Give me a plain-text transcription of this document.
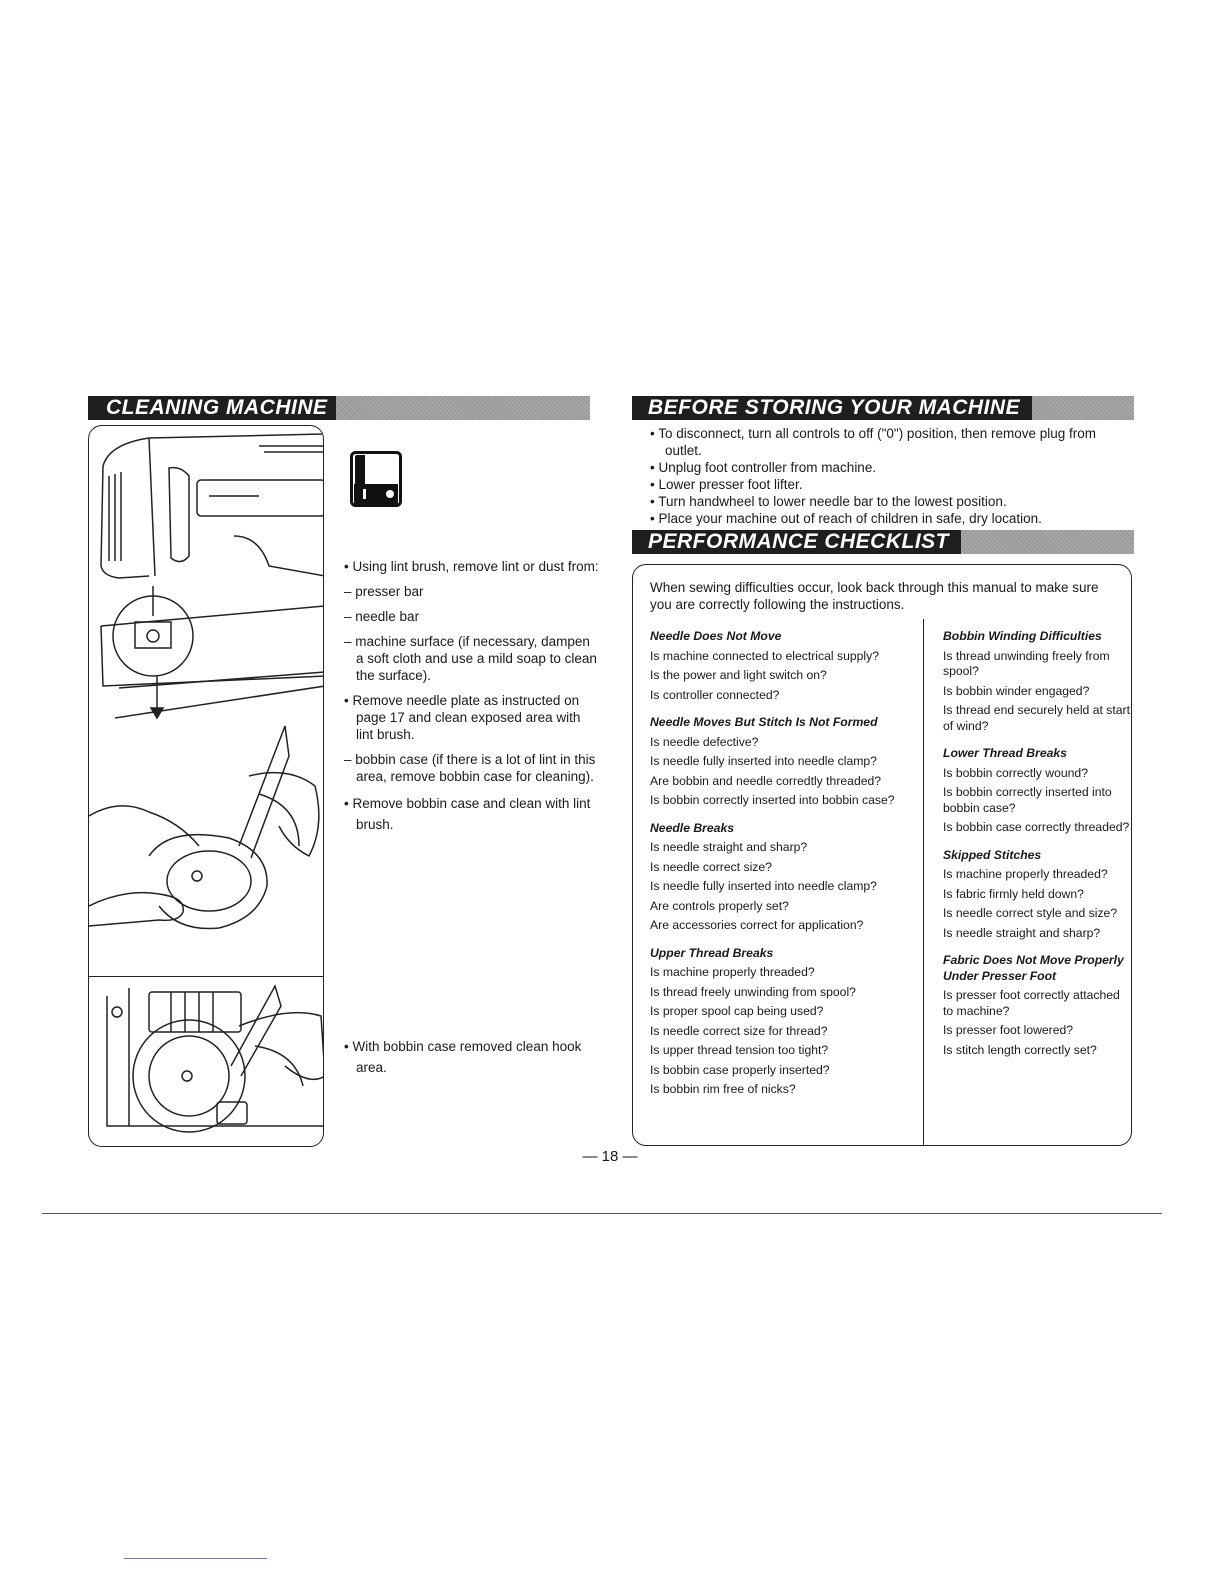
CLEANING MACHINE	BEFORE STORING YOUR MACHINE
PERFORMANCE CHECKLIST

• Using lint brush, remove lint or dust from:

– presser bar

– needle bar

– machine surface (if necessary, dampen a soft cloth and use a mild soap to clean the surface).

• Remove needle plate as instructed on page 17 and clean exposed area with lint brush.

– bobbin case (if there is a lot of lint in this area, remove bobbin case for cleaning).

• Remove bobbin case and clean with lint brush.

• With bobbin case removed clean hook area.

• To disconnect, turn all controls to off ("0") position, then remove plug from outlet.
• Unplug foot controller from machine.
• Lower presser foot lifter.
• Turn handwheel to lower needle bar to the lowest position.
• Place your machine out of reach of children in safe, dry location.
When sewing difficulties occur, look back through this manual to make sure you are correctly following the instructions.
Needle Does Not Move

Is machine connected to electrical supply?

Is the power and light switch on?

Is controller connected?

Needle Moves But Stitch Is Not Formed

Is needle defective?

Is needle fully inserted into needle clamp?

Are bobbin and needle corredtly threaded?

Is bobbin correctly inserted into bobbin case?

Needle Breaks

Is needle straight and sharp?

Is needle correct size?

Is needle fully inserted into needle clamp?

Are controls properly set?

Are accessories correct for application?

Upper Thread Breaks

Is machine properly threaded?

Is thread freely unwinding from spool?

Is proper spool cap being used?

Is needle correct size for thread?

Is upper thread tension too tight?

Is bobbin case properly inserted?

Is bobbin rim free of nicks?

Bobbin Winding Difficulties

Is thread unwinding freely from spool?

Is bobbin winder engaged?

Is thread end securely held at start of wind?

Lower Thread Breaks

Is bobbin correctly wound?

Is bobbin correctly inserted into bobbin case?

Is bobbin case correctly threaded?

Skipped Stitches

Is machine properly threaded?

Is fabric firmly held down?

Is needle correct style and size?

Is needle straight and sharp?

Fabric Does Not Move Properly Under Presser Foot

Is presser foot correctly attached to machine?

Is presser foot lowered?

Is stitch length correctly set?

— 18 —
